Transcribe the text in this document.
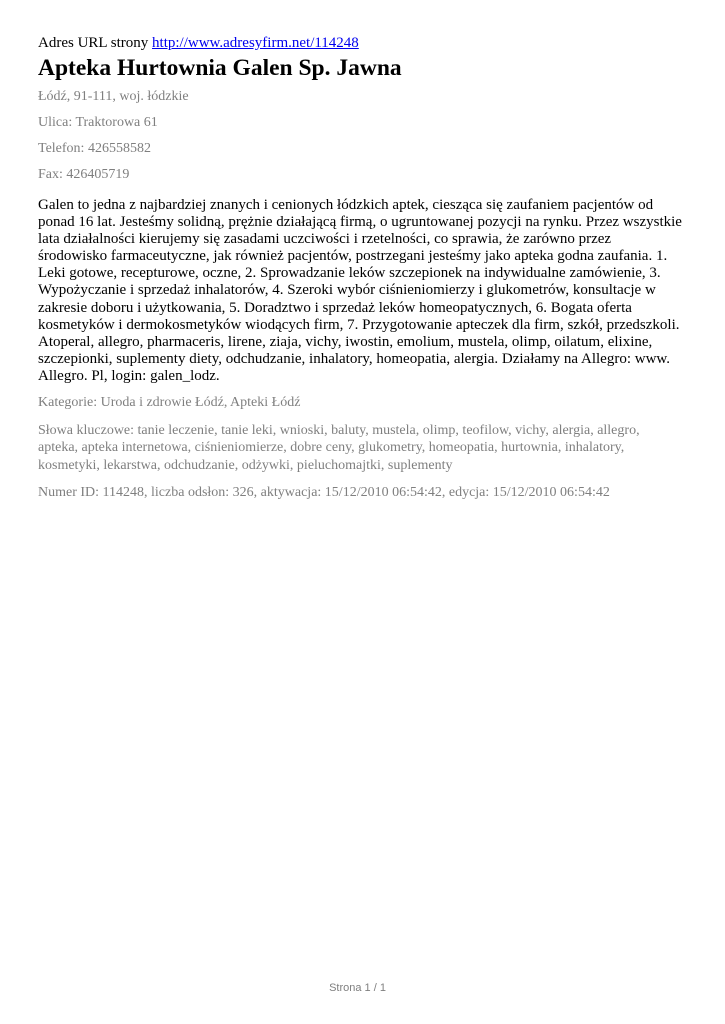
Adres URL strony http://www.adresyfirm.net/114248

Apteka Hurtownia Galen Sp. Jawna

Łódź, 91-111, woj. łódzkie

Ulica: Traktorowa 61

Telefon: 426558582

Fax: 426405719

Galen to jedna z najbardziej znanych i cenionych łódzkich aptek, ciesząca się zaufaniem pacjentów od ponad 16 lat. Jesteśmy solidną, prężnie działającą firmą, o ugruntowanej pozycji na rynku. Przez wszystkie lata działalności kierujemy się zasadami uczciwości i rzetelności, co sprawia, że zarówno przez środowisko farmaceutyczne, jak również pacjentów, postrzegani jesteśmy jako apteka godna zaufania. 1. Leki gotowe, recepturowe, oczne, 2. Sprowadzanie leków szczepionek na indywidualne zamówienie, 3. Wypożyczanie i sprzedaż inhalatorów, 4. Szeroki wybór ciśnieniomierzy i glukometrów, konsultacje w zakresie doboru i użytkowania, 5. Doradztwo i sprzedaż leków homeopatycznych, 6. Bogata oferta kosmetyków i dermokosmetyków wiodących firm, 7. Przygotowanie apteczek dla firm, szkół, przedszkoli. Atoperal, allegro, pharmaceris, lirene, ziaja, vichy, iwostin, emolium, mustela, olimp, oilatum, elixine, szczepionki, suplementy diety, odchudzanie, inhalatory, homeopatia, alergia. Działamy na Allegro: www. Allegro. Pl, login: galen_lodz.

Kategorie: Uroda i zdrowie Łódź, Apteki Łódź

Słowa kluczowe: tanie leczenie, tanie leki, wnioski, baluty, mustela, olimp, teofilow, vichy, alergia, allegro, apteka, apteka internetowa, ciśnieniomierze, dobre ceny, glukometry, homeopatia, hurtownia, inhalatory, kosmetyki, lekarstwa, odchudzanie, odżywki, pieluchomajtki, suplementy

Numer ID: 114248, liczba odsłon: 326, aktywacja: 15/12/2010 06:54:42, edycja: 15/12/2010 06:54:42

Strona 1 / 1
